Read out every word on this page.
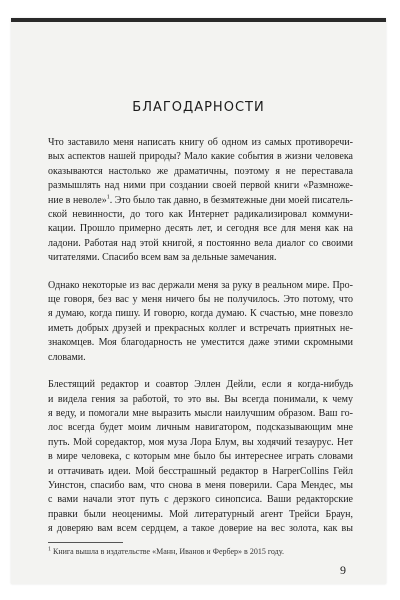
БЛАГОДАРНОСТИ
Что заставило меня написать книгу об одном из самых противоречи-
вых аспектов нашей природы? Мало какие события в жизни человека
оказываются настолько же драматичны, поэтому я не переставала
размышлять над ними при создании своей первой книги «Размноже-
ние в неволе»$^1$. Это было так давно, в безмятежные дни моей писатель-
ской невинности, до того как Интернет радикализировал коммуни-
кации. Прошло примерно десять лет, и сегодня все для меня как на
ладони. Работая над этой книгой, я постоянно вела диалог со своими
читателями. Спасибо всем вам за дельные замечания.
Однако некоторые из вас держали меня за руку в реальном мире. Про-
ще говоря, без вас у меня ничего бы не получилось. Это потому, что
я думаю, когда пишу. И говорю, когда думаю. К счастью, мне повезло
иметь добрых друзей и прекрасных коллег и встречать приятных не-
знакомцев. Моя благодарность не уместится даже этими скромными
словами.
Блестящий редактор и соавтор Эллен Дейли, если я когда-нибудь
и видела гения за работой, то это вы. Вы всегда понимали, к чему
я веду, и помогали мне выразить мысли наилучшим образом. Ваш го-
лос всегда будет моим личным навигатором, подсказывающим мне
путь. Мой соредактор, моя муза Лора Блум, вы ходячий тезаурус. Нет
в мире человека, с которым мне было бы интереснее играть словами
и оттачивать идеи. Мой бесстрашный редактор в HarperCollins Гейл
Уинстон, спасибо вам, что снова в меня поверили. Сара Мендес, мы
с вами начали этот путь с дерзкого синопсиса. Ваши редакторские
правки были неоценимы. Мой литературный агент Трейси Браун,
я доверяю вам всем сердцем, а такое доверие на вес золота, как вы
$^1$ Книга вышла в издательстве «Манн, Иванов и Фербер» в 2015 году.
9
